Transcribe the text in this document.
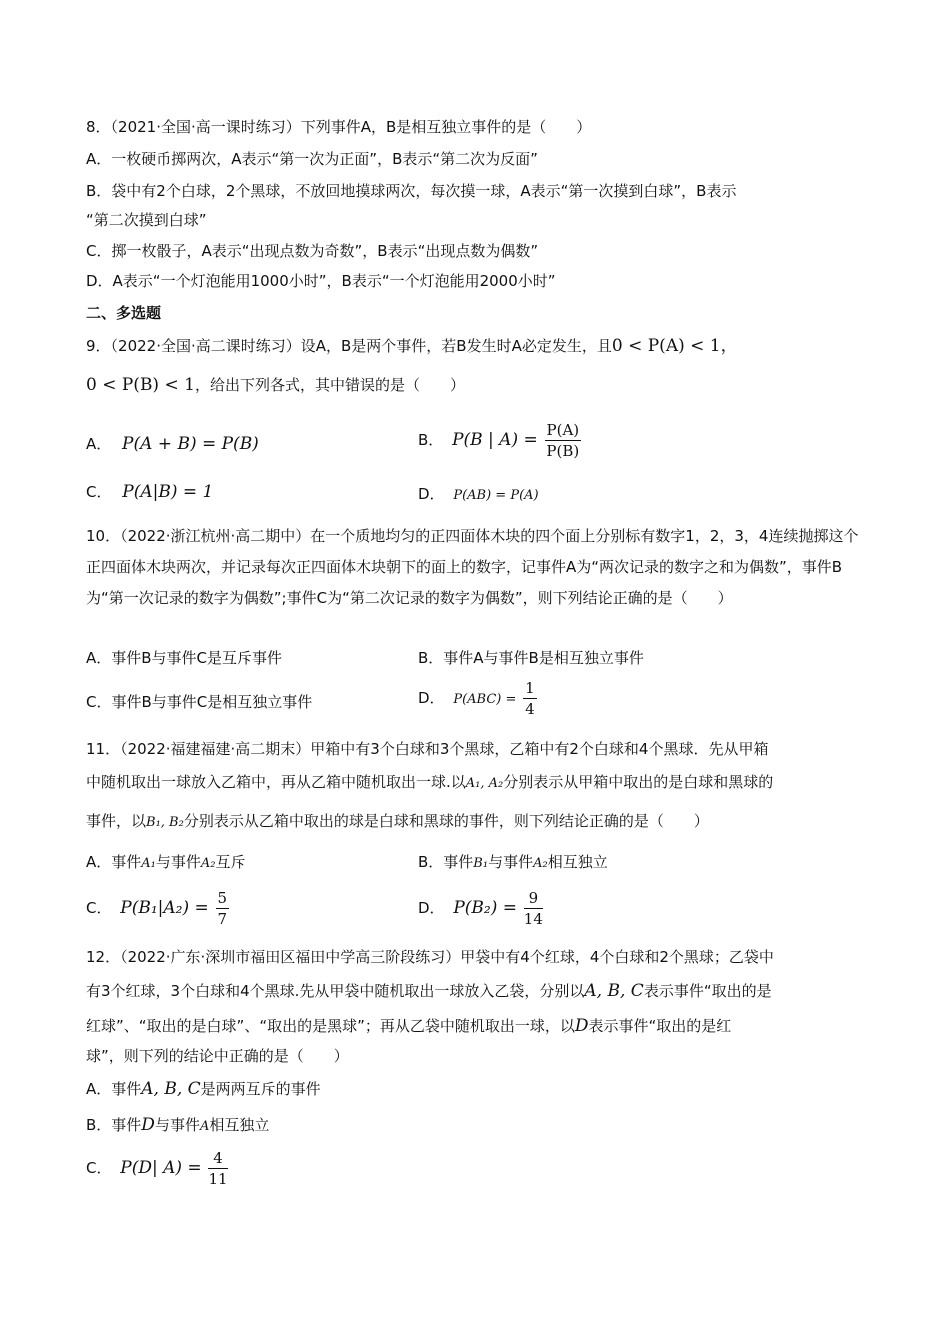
8．（2021·全国·高一课时练习）下列事件A，B是相互独立事件的是（　　）
A．一枚硬币掷两次，A表示“第一次为正面”，B表示“第二次为反面”
B．袋中有2个白球，2个黑球，不放回地摸球两次，每次摸一球，A表示“第一次摸到白球”，B表示
“第二次摸到白球”
C．掷一枚骰子，A表示“出现点数为奇数”，B表示“出现点数为偶数”
D．A表示“一个灯泡能用1000小时”，B表示“一个灯泡能用2000小时”
二、多选题
9．（2022·全国·高二课时练习）设A，B是两个事件，若B发生时A必定发生，且0 < P(A) < 1，
0 < P(B) < 1，给出下列各式，其中错误的是（　　）
A． P(A + B) = P(B)	B． P(B | $A) = \frac{P(A)}{P(B)}$
C． P(A|B) = 1	D． P(AB) = P(A)
10．（2022·浙江杭州·高二期中）在一个质地均匀的正四面体木块的四个面上分别标有数字1，2，3，4连续抛掷这个正四面体木块两次，并记录每次正四面体木块朝下的面上的数字，记事件A为“两次记录的数字之和为偶数”，事件B为“第一次记录的数字为偶数”;事件C为“第二次记录的数字为偶数”，则下列结论正确的是（　　）
A．事件B与事件C是互斥事件	B．事件A与事件B是相互独立事件
C．事件B与事件C是相互独立事件	D． $P(ABC) = \frac{1}{4}$
11．（2022·福建福建·高二期末）甲箱中有3个白球和3个黑球，乙箱中有2个白球和4个黑球．先从甲箱
中随机取出一球放入乙箱中，再从乙箱中随机取出一球.以A₁, A₂分别表示从甲箱中取出的是白球和黑球的
事件，以B₁, B₂分别表示从乙箱中取出的球是白球和黑球的事件，则下列结论正确的是（　　）
A．事件A₁与事件A₂互斥	B．事件B₁与事件A₂相互独立
C． $P(B_1|A_2) = \frac{5}{7}$	D． $P(B_2) = \frac{9}{14}$
12．（2022·广东·深圳市福田区福田中学高三阶段练习）甲袋中有4个红球，4个白球和2个黑球；乙袋中
有3个红球，3个白球和4个黑球.先从甲袋中随机取出一球放入乙袋，分别以A, B, C表示事件“取出的是
红球”、“取出的是白球”、“取出的是黑球”；再从乙袋中随机取出一球，以D表示事件“取出的是红
球”，则下列的结论中正确的是（　　）
A．事件A, B, C是两两互斥的事件
B．事件D与事件A相互独立
C． P(D| $A) = \frac{4}{11}$
